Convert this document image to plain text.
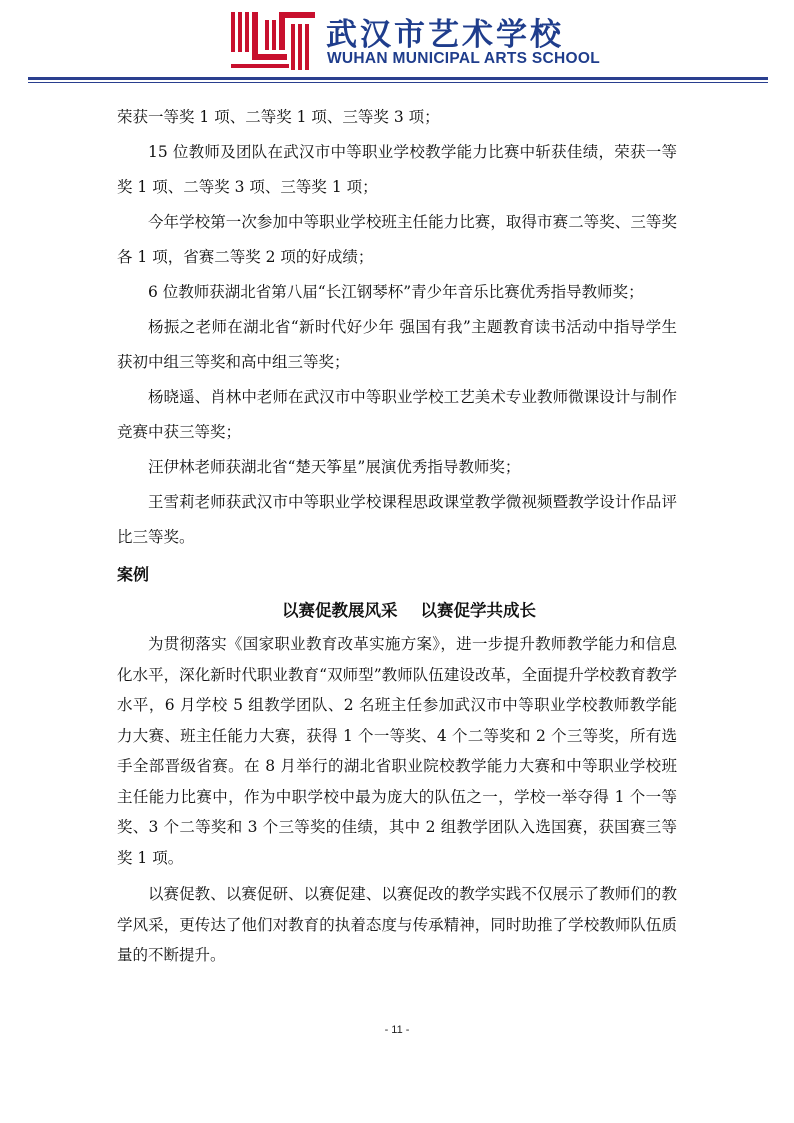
武汉市艺术学校
WUHAN MUNICIPAL ARTS SCHOOL

荣获一等奖 1 项、二等奖 1 项、三等奖 3 项；

15 位教师及团队在武汉市中等职业学校教学能力比赛中斩获佳绩，荣获一等奖 1 项、二等奖 3 项、三等奖 1 项；

今年学校第一次参加中等职业学校班主任能力比赛，取得市赛二等奖、三等奖各 1 项，省赛二等奖 2 项的好成绩；

6 位教师获湖北省第八届“长江钢琴杯”青少年音乐比赛优秀指导教师奖；

杨振之老师在湖北省“新时代好少年 强国有我”主题教育读书活动中指导学生获初中组三等奖和高中组三等奖；

杨晓遥、肖林中老师在武汉市中等职业学校工艺美术专业教师微课设计与制作竞赛中获三等奖；

汪伊林老师获湖北省“楚天筝星”展演优秀指导教师奖；

王雪莉老师获武汉市中等职业学校课程思政课堂教学微视频暨教学设计作品评比三等奖。

案例

以赛促教展风采    以赛促学共成长

为贯彻落实《国家职业教育改革实施方案》，进一步提升教师教学能力和信息化水平，深化新时代职业教育“双师型”教师队伍建设改革，全面提升学校教育教学水平，6 月学校 5 组教学团队、2 名班主任参加武汉市中等职业学校教师教学能力大赛、班主任能力大赛，获得 1 个一等奖、4 个二等奖和 2 个三等奖，所有选手全部晋级省赛。在 8 月举行的湖北省职业院校教学能力大赛和中等职业学校班主任能力比赛中，作为中职学校中最为庞大的队伍之一，学校一举夺得 1 个一等奖、3 个二等奖和 3 个三等奖的佳绩，其中 2 组教学团队入选国赛，获国赛三等奖 1 项。

以赛促教、以赛促研、以赛促建、以赛促改的教学实践不仅展示了教师们的教学风采，更传达了他们对教育的执着态度与传承精神，同时助推了学校教师队伍质量的不断提升。

- 11 -
